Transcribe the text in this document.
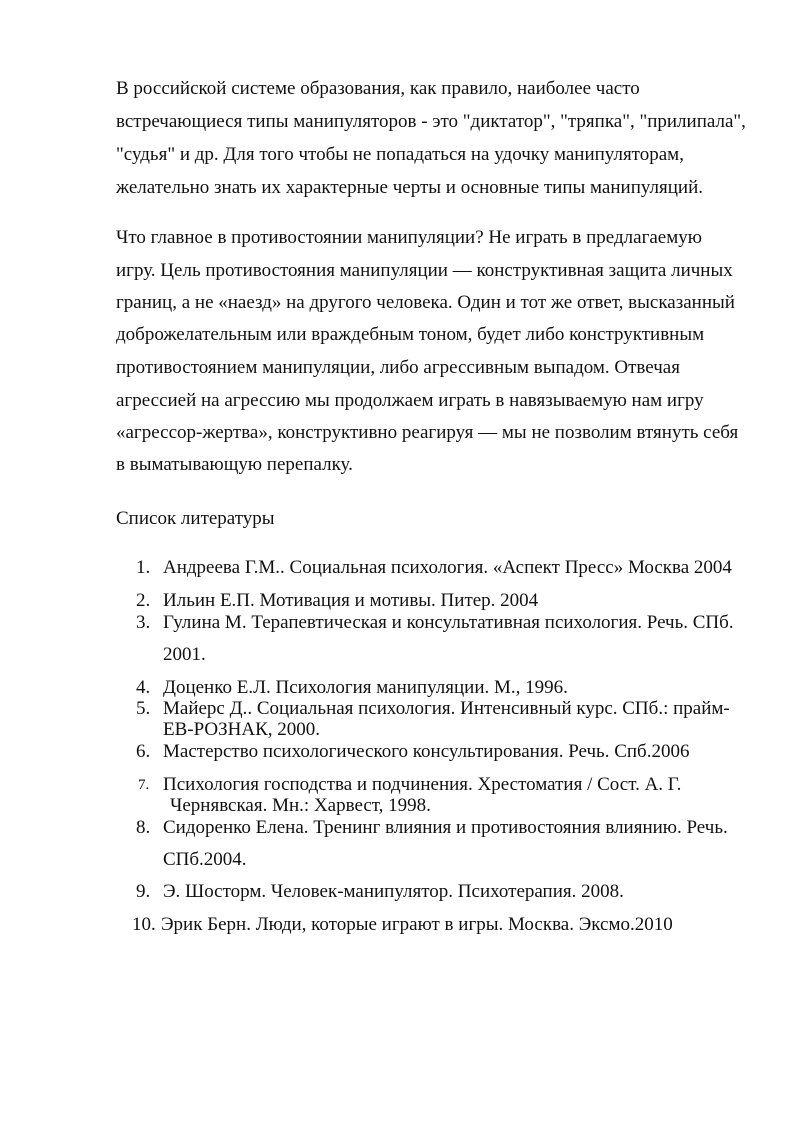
В российской системе образования, как правило, наиболее часто
встречающиеся типы манипуляторов - это "диктатор", "тряпка", "прилипала",
"судья" и др. Для того чтобы не попадаться на удочку манипуляторам,
желательно знать их характерные черты и основные типы манипуляций.
Что главное в противостоянии манипуляции? Не играть в предлагаемую
игру. Цель противостояния манипуляции — конструктивная защита личных
границ, а не «наезд» на другого человека. Один и тот же ответ, высказанный
доброжелательным или враждебным тоном, будет либо конструктивным
противостоянием манипуляции, либо агрессивным выпадом. Отвечая
агрессией на агрессию мы продолжаем играть в навязываемую нам игру
«агрессор-жертва», конструктивно реагируя — мы не позволим втянуть себя
в выматывающую перепалку.
Список литературы
1. Андреева Г.М.. Социальная психология. «Аспект Пресс» Москва 2004
2. Ильин Е.П. Мотивация и мотивы. Питер. 2004
3. Гулина М. Терапевтическая и консультативная психология. Речь. СПб.
2001.
4. Доценко Е.Л. Психология манипуляции. М., 1996.
5. Майерс Д.. Социальная психология. Интенсивный курс. СПб.: прайм-
ЕВ-РОЗНАК, 2000.
6. Мастерство психологического консультирования. Речь. Спб.2006
7. Психология господства и подчинения. Хрестоматия / Сост. А. Г.
Чернявская. Мн.: Харвест, 1998.
8. Сидоренко Елена. Тренинг влияния и противостояния влиянию. Речь.
СПб.2004.
9. Э. Шосторм. Человек-манипулятор. Психотерапия. 2008.
10. Эрик Берн. Люди, которые играют в игры. Москва. Эксмо.2010
